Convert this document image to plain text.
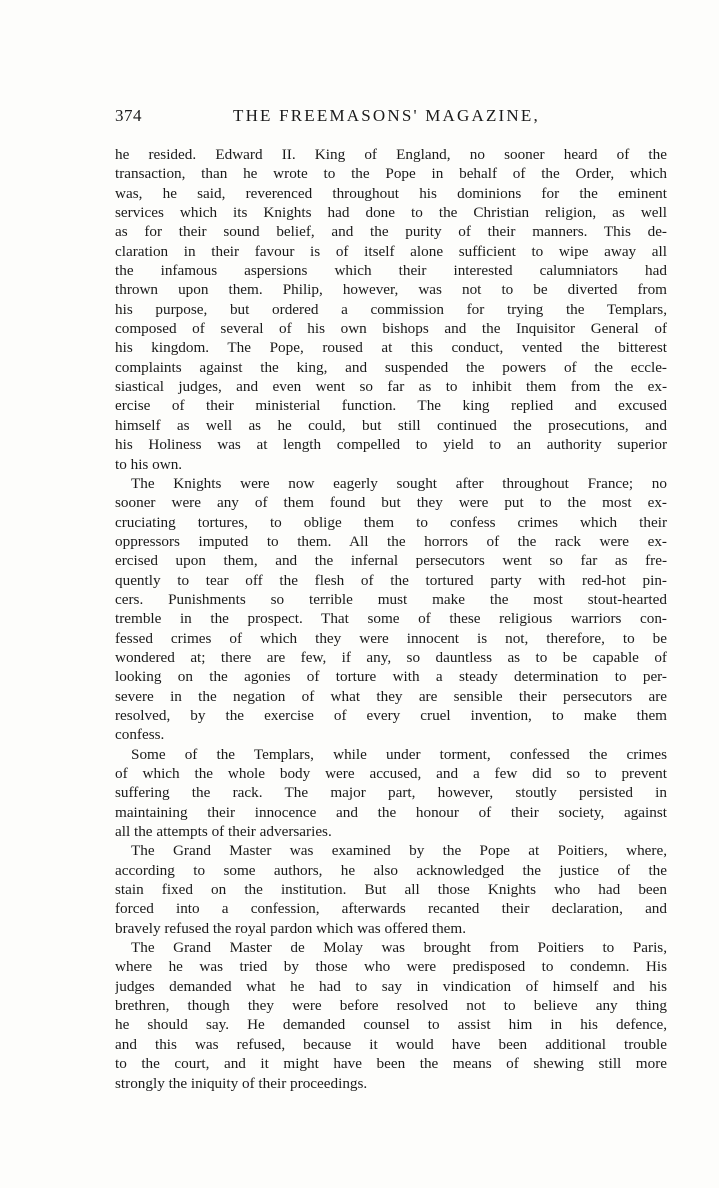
374	THE FREEMASONS' MAGAZINE,
he resided. Edward II. King of England, no sooner heard of the
transaction, than he wrote to the Pope in behalf of the Order, which
was, he said, reverenced throughout his dominions for the eminent
services which its Knights had done to the Christian religion, as well
as for their sound belief, and the purity of their manners. This de-
claration in their favour is of itself alone sufficient to wipe away all
the infamous aspersions which their interested calumniators had
thrown upon them. Philip, however, was not to be diverted from
his purpose, but ordered a commission for trying the Templars,
composed of several of his own bishops and the Inquisitor General of
his kingdom. The Pope, roused at this conduct, vented the bitterest
complaints against the king, and suspended the powers of the eccle-
siastical judges, and even went so far as to inhibit them from the ex-
ercise of their ministerial function. The king replied and excused
himself as well as he could, but still continued the prosecutions, and
his Holiness was at length compelled to yield to an authority superior
to his own.
The Knights were now eagerly sought after throughout France; no
sooner were any of them found but they were put to the most ex-
cruciating tortures, to oblige them to confess crimes which their
oppressors imputed to them. All the horrors of the rack were ex-
ercised upon them, and the infernal persecutors went so far as fre-
quently to tear off the flesh of the tortured party with red-hot pin-
cers. Punishments so terrible must make the most stout-hearted
tremble in the prospect. That some of these religious warriors con-
fessed crimes of which they were innocent is not, therefore, to be
wondered at; there are few, if any, so dauntless as to be capable of
looking on the agonies of torture with a steady determination to per-
severe in the negation of what they are sensible their persecutors are
resolved, by the exercise of every cruel invention, to make them
confess.
Some of the Templars, while under torment, confessed the crimes
of which the whole body were accused, and a few did so to prevent
suffering the rack. The major part, however, stoutly persisted in
maintaining their innocence and the honour of their society, against
all the attempts of their adversaries.
The Grand Master was examined by the Pope at Poitiers, where,
according to some authors, he also acknowledged the justice of the
stain fixed on the institution. But all those Knights who had been
forced into a confession, afterwards recanted their declaration, and
bravely refused the royal pardon which was offered them.
The Grand Master de Molay was brought from Poitiers to Paris,
where he was tried by those who were predisposed to condemn. His
judges demanded what he had to say in vindication of himself and his
brethren, though they were before resolved not to believe any thing
he should say. He demanded counsel to assist him in his defence,
and this was refused, because it would have been additional trouble
to the court, and it might have been the means of shewing still more
strongly the iniquity of their proceedings.
